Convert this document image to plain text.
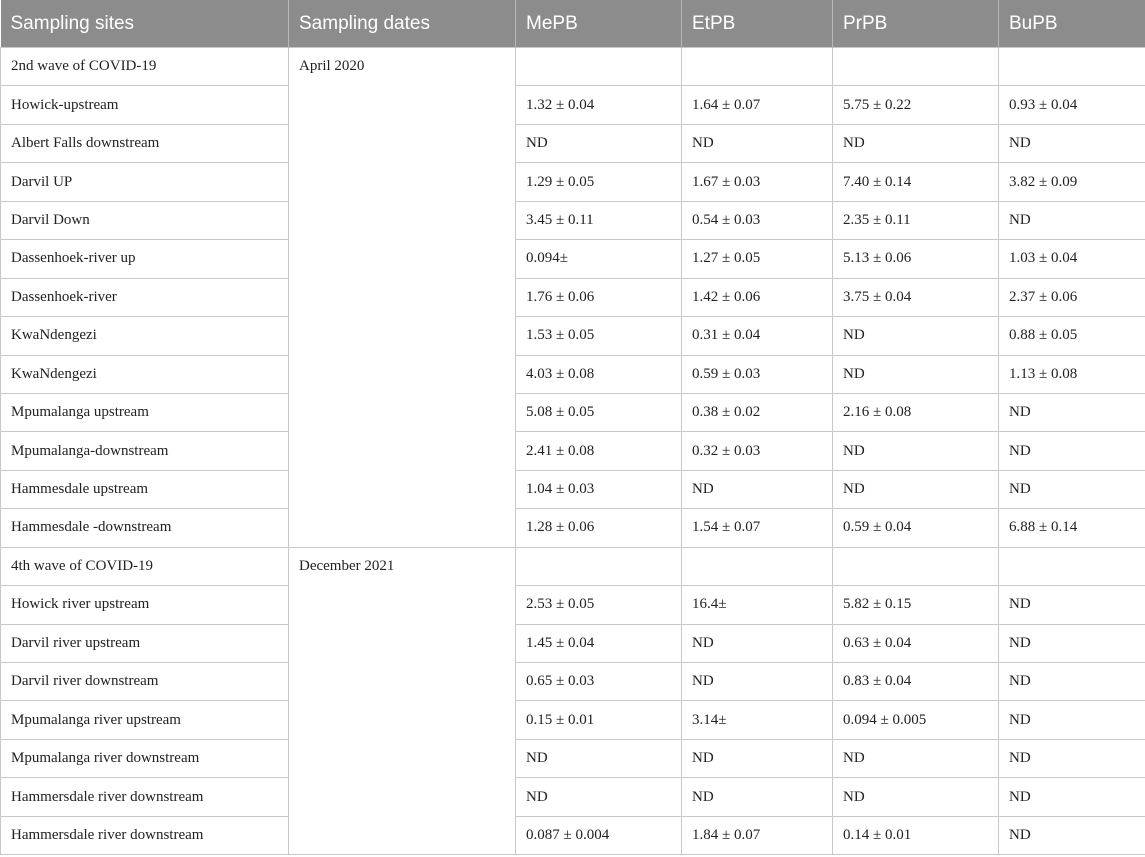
Sampling sites	Sampling dates	MePB	EtPB	PrPB	BuPB
2nd wave of COVID-19	April 2020				
Howick-upstream		1.32 ± 0.04	1.64 ± 0.07	5.75 ± 0.22	0.93 ± 0.04
Albert Falls downstream		ND	ND	ND	ND
Darvil UP		1.29 ± 0.05	1.67 ± 0.03	7.40 ± 0.14	3.82 ± 0.09
Darvil Down		3.45 ± 0.11	0.54 ± 0.03	2.35 ± 0.11	ND
Dassenhoek-river up		0.094±	1.27 ± 0.05	5.13 ± 0.06	1.03 ± 0.04
Dassenhoek-river		1.76 ± 0.06	1.42 ± 0.06	3.75 ± 0.04	2.37 ± 0.06
KwaNdengezi		1.53 ± 0.05	0.31 ± 0.04	ND	0.88 ± 0.05
KwaNdengezi		4.03 ± 0.08	0.59 ± 0.03	ND	1.13 ± 0.08
Mpumalanga upstream		5.08 ± 0.05	0.38 ± 0.02	2.16 ± 0.08	ND
Mpumalanga-downstream		2.41 ± 0.08	0.32 ± 0.03	ND	ND
Hammesdale upstream		1.04 ± 0.03	ND	ND	ND
Hammesdale -downstream		1.28 ± 0.06	1.54 ± 0.07	0.59 ± 0.04	6.88 ± 0.14
4th wave of COVID-19	December 2021				
Howick river upstream		2.53 ± 0.05	16.4±	5.82 ± 0.15	ND
Darvil river upstream		1.45 ± 0.04	ND	0.63 ± 0.04	ND
Darvil river downstream		0.65 ± 0.03	ND	0.83 ± 0.04	ND
Mpumalanga river upstream		0.15 ± 0.01	3.14±	0.094 ± 0.005	ND
Mpumalanga river downstream		ND	ND	ND	ND
Hammersdale river downstream		ND	ND	ND	ND
Hammersdale river downstream		0.087 ± 0.004	1.84 ± 0.07	0.14 ± 0.01	ND
